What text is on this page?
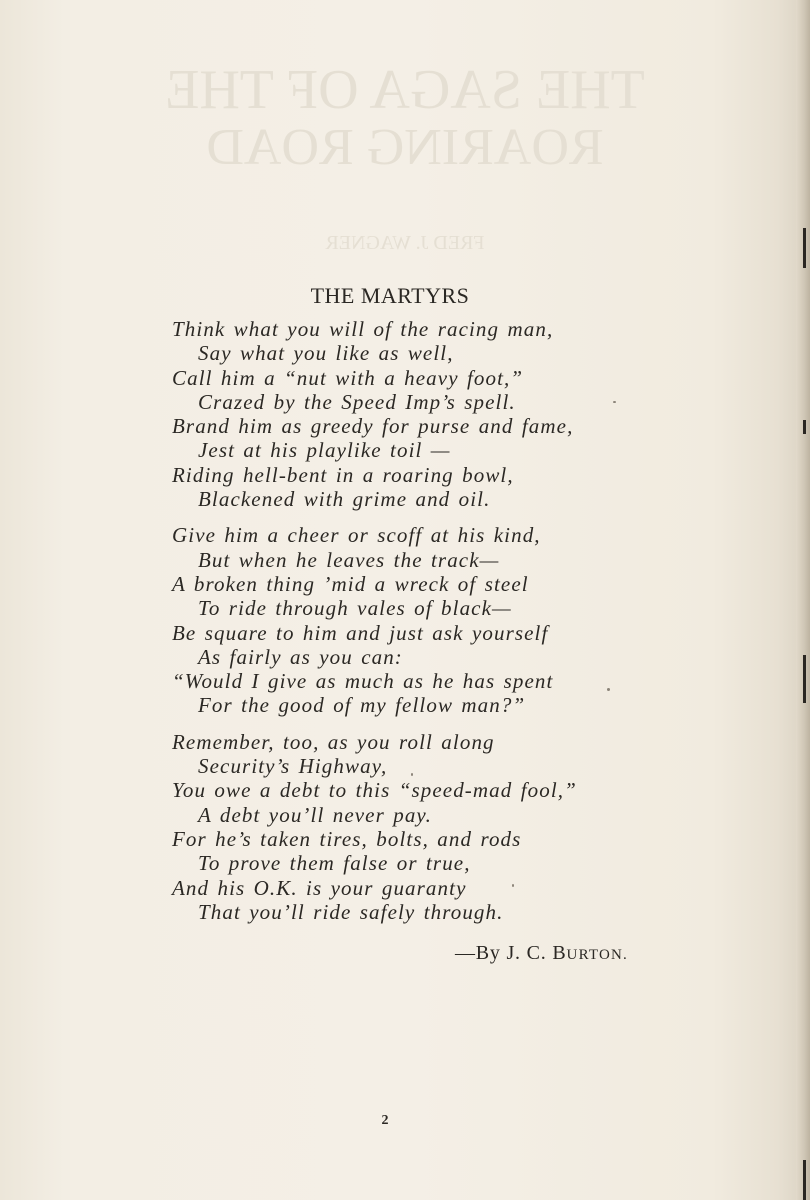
THE SAGA OF THE
ROARING ROAD
FRED J. WAGNER
THE MARTYRS
Think what you will of the racing man,
Say what you like as well,
Call him a “nut with a heavy foot,”
Crazed by the Speed Imp’s spell.
Brand him as greedy for purse and fame,
Jest at his playlike toil —
Riding hell-bent in a roaring bowl,
Blackened with grime and oil.
Give him a cheer or scoff at his kind,
But when he leaves the track—
A broken thing ’mid a wreck of steel
To ride through vales of black—
Be square to him and just ask yourself
As fairly as you can:
“Would I give as much as he has spent
For the good of my fellow man?”
Remember, too, as you roll along
Security’s Highway,
You owe a debt to this “speed-mad fool,”
A debt you’ll never pay.
For he’s taken tires, bolts, and rods
To prove them false or true,
And his O.K. is your guaranty
That you’ll ride safely through.
—By J. C. BURTON.
2
